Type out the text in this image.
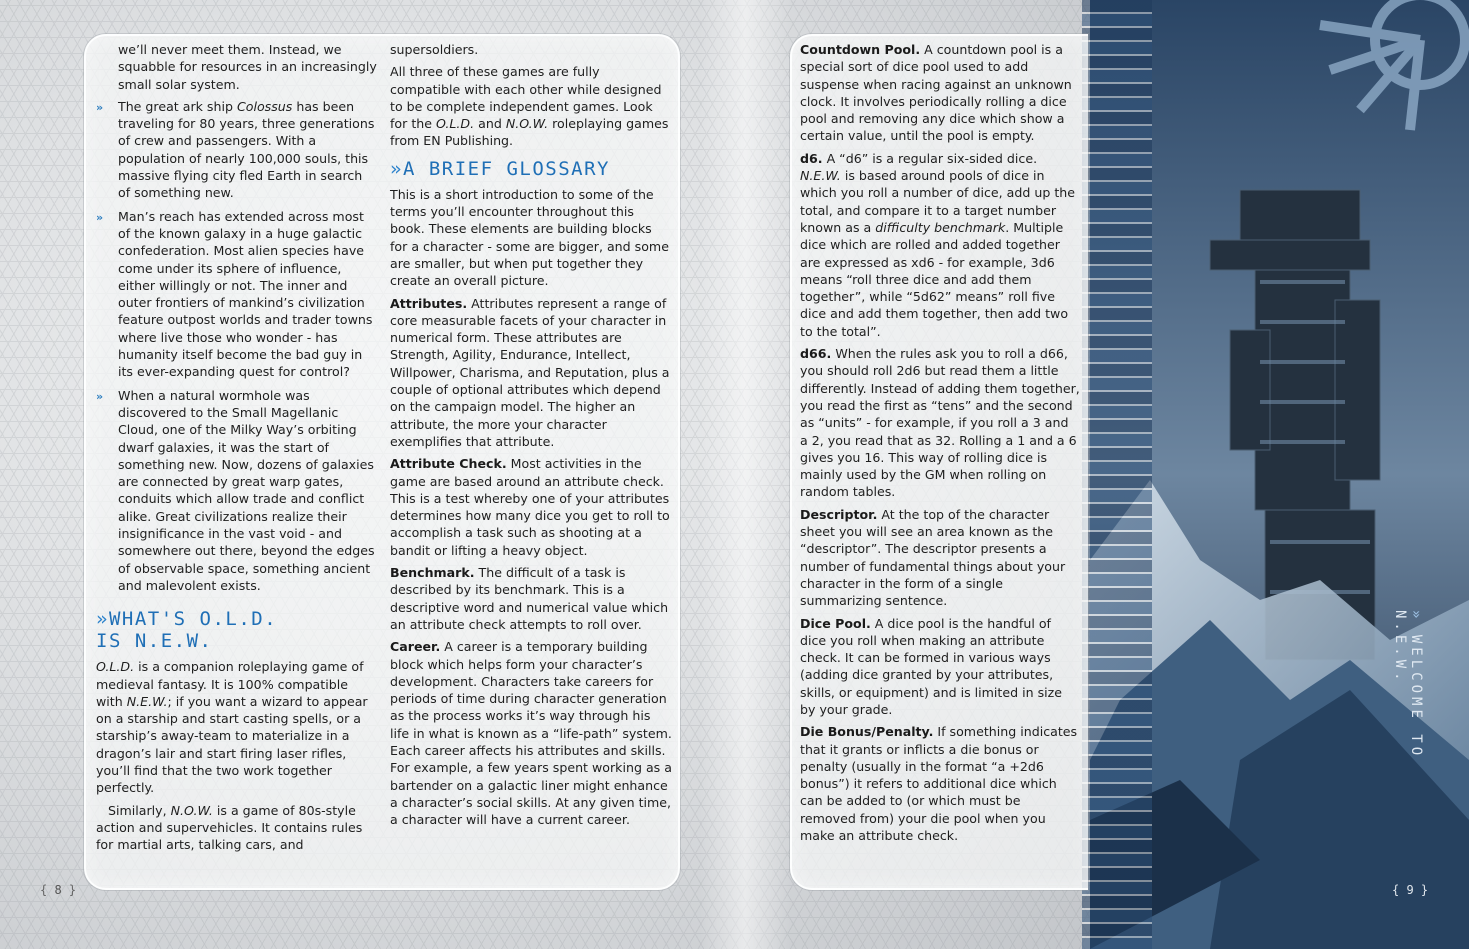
» WELCOME TO N.E.W.

we’ll never meet them. Instead, we squabble for resources in an increasingly small solar system.

» The great ark ship Colossus has been traveling for 80 years, three generations of crew and passengers. With a population of nearly 100,000 souls, this massive flying city fled Earth in search of something new.
» Man’s reach has extended across most of the known galaxy in a huge galactic confederation. Most alien species have come under its sphere of influence, either willingly or not. The inner and outer frontiers of mankind’s civilization feature outpost worlds and trader towns where live those who wonder - has humanity itself become the bad guy in its ever-expanding quest for control?
» When a natural wormhole was discovered to the Small Magellanic Cloud, one of the Milky Way’s orbiting dwarf galaxies, it was the start of something new. Now, dozens of galaxies are connected by great warp gates, conduits which allow trade and conflict alike. Great civilizations realize their insignificance in the vast void - and somewhere out there, beyond the edges of observable space, something ancient and malevolent exists.
»WHAT'S O.L.D.
IS N.E.W.

O.L.D. is a companion roleplaying game of medieval fantasy. It is 100% compatible with N.E.W.; if you want a wizard to appear on a starship and start casting spells, or a starship’s away-team to materialize in a dragon’s lair and start firing laser rifles, you’ll find that the two work together perfectly.

Similarly, N.O.W. is a game of 80s-style action and supervehicles. It contains rules for martial arts, talking cars, and

supersoldiers.

All three of these games are fully compatible with each other while designed to be complete independent games. Look for the O.L.D. and N.O.W. roleplaying games from EN Publishing.

»A BRIEF GLOSSARY

This is a short introduction to some of the terms you’ll encounter throughout this book. These elements are building blocks for a character - some are bigger, and some are smaller, but when put together they create an overall picture.

Attributes. Attributes represent a range of core measurable facets of your character in numerical form. These attributes are Strength, Agility, Endurance, Intellect, Willpower, Charisma, and Reputation, plus a couple of optional attributes which depend on the campaign model. The higher an attribute, the more your character exemplifies that attribute.

Attribute Check. Most activities in the game are based around an attribute check. This is a test whereby one of your attributes determines how many dice you get to roll to accomplish a task such as shooting at a bandit or lifting a heavy object.

Benchmark. The difficult of a task is described by its benchmark. This is a descriptive word and numerical value which an attribute check attempts to roll over.

Career. A career is a temporary building block which helps form your character’s development. Characters take careers for periods of time during character generation as the process works it’s way through his life in what is known as a “life-path” system. Each career affects his attributes and skills. For example, a few years spent working as a bartender on a galactic liner might enhance a character’s social skills. At any given time, a character will have a current career.

Countdown Pool. A countdown pool is a special sort of dice pool used to add suspense when racing against an unknown clock. It involves periodically rolling a dice pool and removing any dice which show a certain value, until the pool is empty.

d6. A “d6” is a regular six-sided dice. N.E.W. is based around pools of dice in which you roll a number of dice, add up the total, and compare it to a target number known as a difficulty benchmark. Multiple dice which are rolled and added together are expressed as xd6 - for example, 3d6 means “roll three dice and add them together”, while “5d62” means” roll five dice and add them together, then add two to the total”.

d66. When the rules ask you to roll a d66, you should roll 2d6 but read them a little differently. Instead of adding them together, you read the first as “tens” and the second as “units” - for example, if you roll a 3 and a 2, you read that as 32. Rolling a 1 and a 6 gives you 16. This way of rolling dice is mainly used by the GM when rolling on random tables.

Descriptor. At the top of the character sheet you will see an area known as the “descriptor”. The descriptor presents a number of fundamental things about your character in the form of a single summarizing sentence.

Dice Pool. A dice pool is the handful of dice you roll when making an attribute check. It can be formed in various ways (adding dice granted by your attributes, skills, or equipment) and is limited in size by your grade.

Die Bonus/Penalty. If something indicates that it grants or inflicts a die bonus or penalty (usually in the format “a +2d6 bonus”) it refers to additional dice which can be added to (or which must be removed from) your die pool when you make an attribute check.

{ 8 }	{ 9 }
